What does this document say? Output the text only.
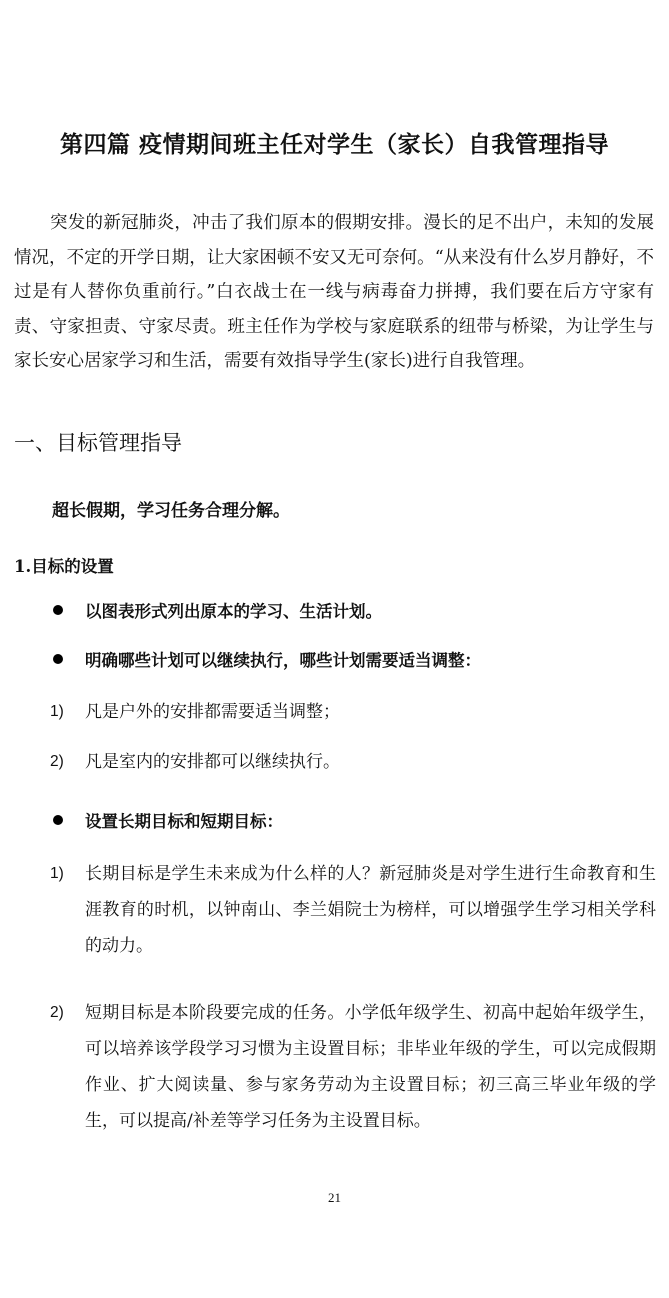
第四篇 疫情期间班主任对学生（家长）自我管理指导
突发的新冠肺炎，冲击了我们原本的假期安排。漫长的足不出户，未知的发展情况，不定的开学日期，让大家困顿不安又无可奈何。“从来没有什么岁月静好，不过是有人替你负重前行。”白衣战士在一线与病毒奋力拼搏，我们要在后方守家有责、守家担责、守家尽责。班主任作为学校与家庭联系的纽带与桥梁，为让学生与家长安心居家学习和生活，需要有效指导学生(家长)进行自我管理。
一、目标管理指导
超长假期，学习任务合理分解。
1.目标的设置
以图表形式列出原本的学习、生活计划。
明确哪些计划可以继续执行，哪些计划需要适当调整：
1) 凡是户外的安排都需要适当调整；
2) 凡是室内的安排都可以继续执行。
设置长期目标和短期目标：
1) 长期目标是学生未来成为什么样的人？新冠肺炎是对学生进行生命教育和生涯教育的时机，以钟南山、李兰娟院士为榜样，可以增强学生学习相关学科的动力。
2) 短期目标是本阶段要完成的任务。小学低年级学生、初高中起始年级学生，可以培养该学段学习习惯为主设置目标；非毕业年级的学生，可以完成假期作业、扩大阅读量、参与家务劳动为主设置目标；初三高三毕业年级的学生，可以提高/补差等学习任务为主设置目标。
21
